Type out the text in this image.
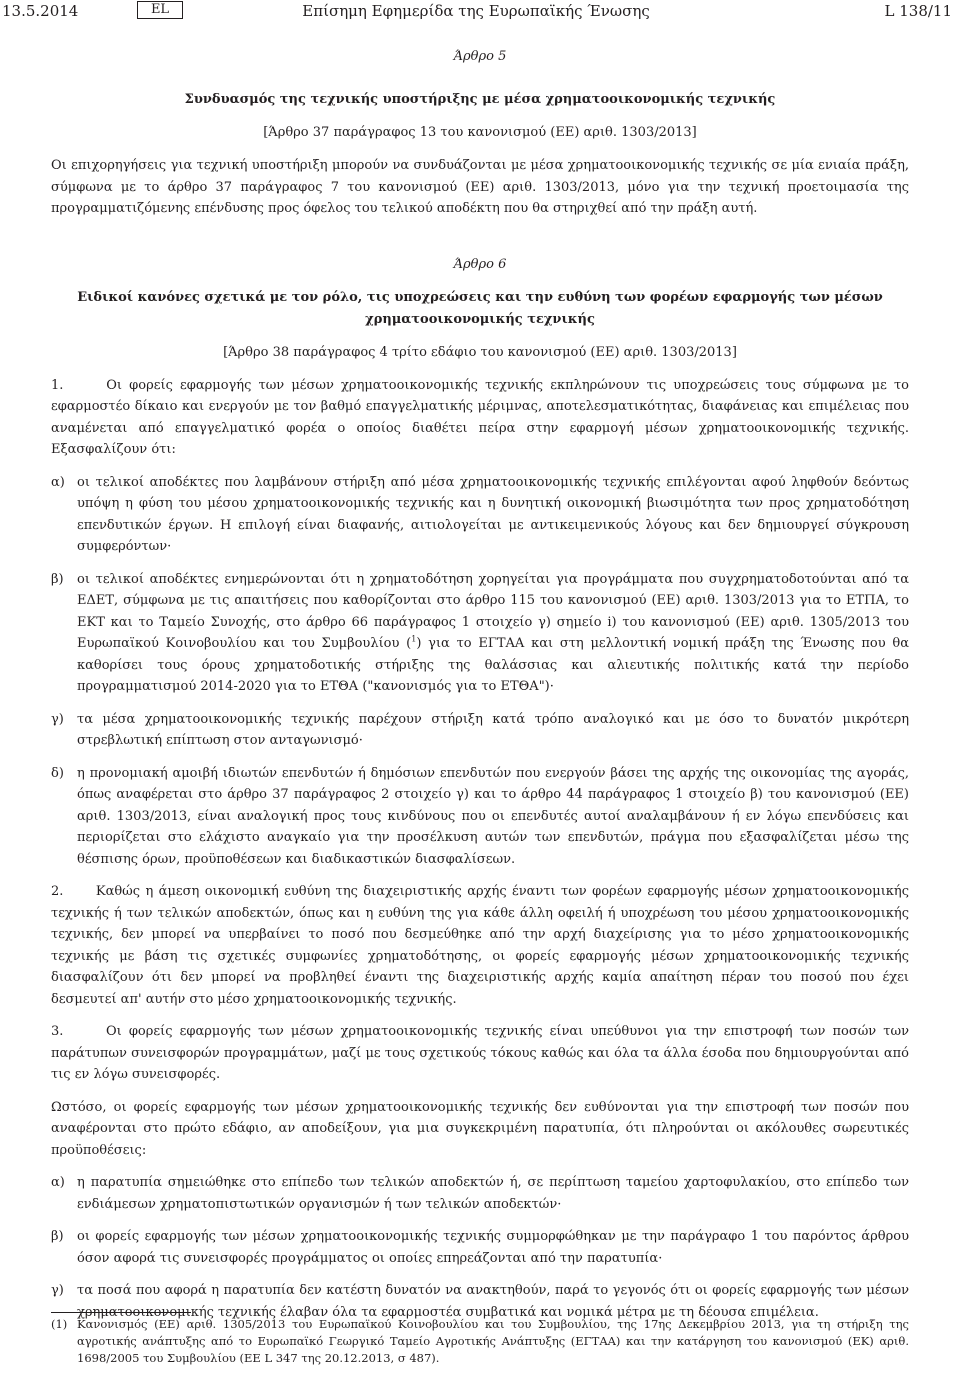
13.5.2014	EL	Επίσημη Εφημερίδα της Ευρωπαϊκής Ένωσης	L 138/11

Άρθρο 5

Συνδυασμός της τεχνικής υποστήριξης με μέσα χρηματοοικονομικής τεχνικής

[Άρθρο 37 παράγραφος 13 του κανονισμού (ΕΕ) αριθ. 1303/2013]

Οι επιχορηγήσεις για τεχνική υποστήριξη μπορούν να συνδυάζονται με μέσα χρηματοοικονομικής τεχνικής σε μία ενιαία πράξη, σύμφωνα με το άρθρο 37 παράγραφος 7 του κανονισμού (ΕΕ) αριθ. 1303/2013, μόνο για την τεχνική προετοιμασία της προγραμματιζόμενης επένδυσης προς όφελος του τελικού αποδέκτη που θα στηριχθεί από την πράξη αυτή.

Άρθρο 6

Ειδικοί κανόνες σχετικά με τον ρόλο, τις υποχρεώσεις και την ευθύνη των φορέων εφαρμογής των μέσων χρηματοοικονομικής τεχνικής

[Άρθρο 38 παράγραφος 4 τρίτο εδάφιο του κανονισμού (ΕΕ) αριθ. 1303/2013]

1.	Οι φορείς εφαρμογής των μέσων χρηματοοικονομικής τεχνικής εκπληρώνουν τις υποχρεώσεις τους σύμφωνα με το εφαρμοστέο δίκαιο και ενεργούν με τον βαθμό επαγγελματικής μέριμνας, αποτελεσματικότητας, διαφάνειας και επιμέλειας που αναμένεται από επαγγελματικό φορέα ο οποίος διαθέτει πείρα στην εφαρμογή μέσων χρηματοοικονομικής τεχνικής. Εξασφαλίζουν ότι:

α) οι τελικοί αποδέκτες που λαμβάνουν στήριξη από μέσα χρηματοοικονομικής τεχνικής επιλέγονται αφού ληφθούν δεόντως υπόψη η φύση του μέσου χρηματοοικονομικής τεχνικής και η δυνητική οικονομική βιωσιμότητα των προς χρηματοδότηση επενδυτικών έργων. Η επιλογή είναι διαφανής, αιτιολογείται με αντικειμενικούς λόγους και δεν δημιουργεί σύγκρουση συμφερόντων·
β) οι τελικοί αποδέκτες ενημερώνονται ότι η χρηματοδότηση χορηγείται για προγράμματα που συγχρηματοδοτούνται από τα ΕΔΕΤ, σύμφωνα με τις απαιτήσεις που καθορίζονται στο άρθρο 115 του κανονισμού (ΕΕ) αριθ. 1303/2013 για το ΕΤΠΑ, το ΕΚΤ και το Ταμείο Συνοχής, στο άρθρο 66 παράγραφος 1 στοιχείο γ) σημείο i) του κανονισμού (ΕΕ) αριθ. 1305/2013 του Ευρωπαϊκού Κοινοβουλίου και του Συμβουλίου ($^1$) για το ΕΓΤΑΑ και στη μελλοντική νομική πράξη της Ένωσης που θα καθορίσει τους όρους χρηματοδοτικής στήριξης της θαλάσσιας και αλιευτικής πολιτικής κατά την περίοδο προγραμματισμού 2014-2020 για το ΕΤΘΑ ("κανονισμός για το ΕΤΘΑ")·
γ) τα μέσα χρηματοοικονομικής τεχνικής παρέχουν στήριξη κατά τρόπο αναλογικό και με όσο το δυνατόν μικρότερη στρεβλωτική επίπτωση στον ανταγωνισμό·
δ) η προνομιακή αμοιβή ιδιωτών επενδυτών ή δημόσιων επενδυτών που ενεργούν βάσει της αρχής της οικονομίας της αγοράς, όπως αναφέρεται στο άρθρο 37 παράγραφος 2 στοιχείο γ) και το άρθρο 44 παράγραφος 1 στοιχείο β) του κανονισμού (ΕΕ) αριθ. 1303/2013, είναι αναλογική προς τους κινδύνους που οι επενδυτές αυτοί αναλαμβάνουν ή εν λόγω επενδύσεις και περιορίζεται στο ελάχιστο αναγκαίο για την προσέλκυση αυτών των επενδυτών, πράγμα που εξασφαλίζεται μέσω της θέσπισης όρων, προϋποθέσεων και διαδικαστικών διασφαλίσεων.

2. Καθώς η άμεση οικονομική ευθύνη της διαχειριστικής αρχής έναντι των φορέων εφαρμογής μέσων χρηματοοικονομικής τεχνικής ή των τελικών αποδεκτών, όπως και η ευθύνη της για κάθε άλλη οφειλή ή υποχρέωση του μέσου χρηματοοικονομικής τεχνικής, δεν μπορεί να υπερβαίνει το ποσό που δεσμεύθηκε από την αρχή διαχείρισης για το μέσο χρηματοοικονομικής τεχνικής με βάση τις σχετικές συμφωνίες χρηματοδότησης, οι φορείς εφαρμογής μέσων χρηματοοικονομικής τεχνικής διασφαλίζουν ότι δεν μπορεί να προβληθεί έναντι της διαχειριστικής αρχής καμία απαίτηση πέραν του ποσού που έχει δεσμευτεί απ' αυτήν στο μέσο χρηματοοικονομικής τεχνικής.

3.	Οι φορείς εφαρμογής των μέσων χρηματοοικονομικής τεχνικής είναι υπεύθυνοι για την επιστροφή των ποσών των παράτυπων συνεισφορών προγραμμάτων, μαζί με τους σχετικούς τόκους καθώς και όλα τα άλλα έσοδα που δημιουργούνται από τις εν λόγω συνεισφορές.

Ωστόσο, οι φορείς εφαρμογής των μέσων χρηματοοικονομικής τεχνικής δεν ευθύνονται για την επιστροφή των ποσών που αναφέρονται στο πρώτο εδάφιο, αν αποδείξουν, για μια συγκεκριμένη παρατυπία, ότι πληρούνται οι ακόλουθες σωρευτικές προϋποθέσεις:

α) η παρατυπία σημειώθηκε στο επίπεδο των τελικών αποδεκτών ή, σε περίπτωση ταμείου χαρτοφυλακίου, στο επίπεδο των ενδιάμεσων χρηματοπιστωτικών οργανισμών ή των τελικών αποδεκτών·
β) οι φορείς εφαρμογής των μέσων χρηματοοικονομικής τεχνικής συμμορφώθηκαν με την παράγραφο 1 του παρόντος άρθρου όσον αφορά τις συνεισφορές προγράμματος οι οποίες επηρεάζονται από την παρατυπία·
γ) τα ποσά που αφορά η παρατυπία δεν κατέστη δυνατόν να ανακτηθούν, παρά το γεγονός ότι οι φορείς εφαρμογής των μέσων χρηματοοικονομικής τεχνικής έλαβαν όλα τα εφαρμοστέα συμβατικά και νομικά μέτρα με τη δέουσα επιμέλεια.
(1) Κανονισμός (ΕΕ) αριθ. 1305/2013 του Ευρωπαϊκού Κοινοβουλίου και του Συμβουλίου, της 17ης Δεκεμβρίου 2013, για τη στήριξη της αγροτικής ανάπτυξης από το Ευρωπαϊκό Γεωργικό Ταμείο Αγροτικής Ανάπτυξης (ΕΓΤΑΑ) και την κατάργηση του κανονισμού (ΕΚ) αριθ. 1698/2005 του Συμβουλίου (ΕΕ L 347 της 20.12.2013, σ 487).
